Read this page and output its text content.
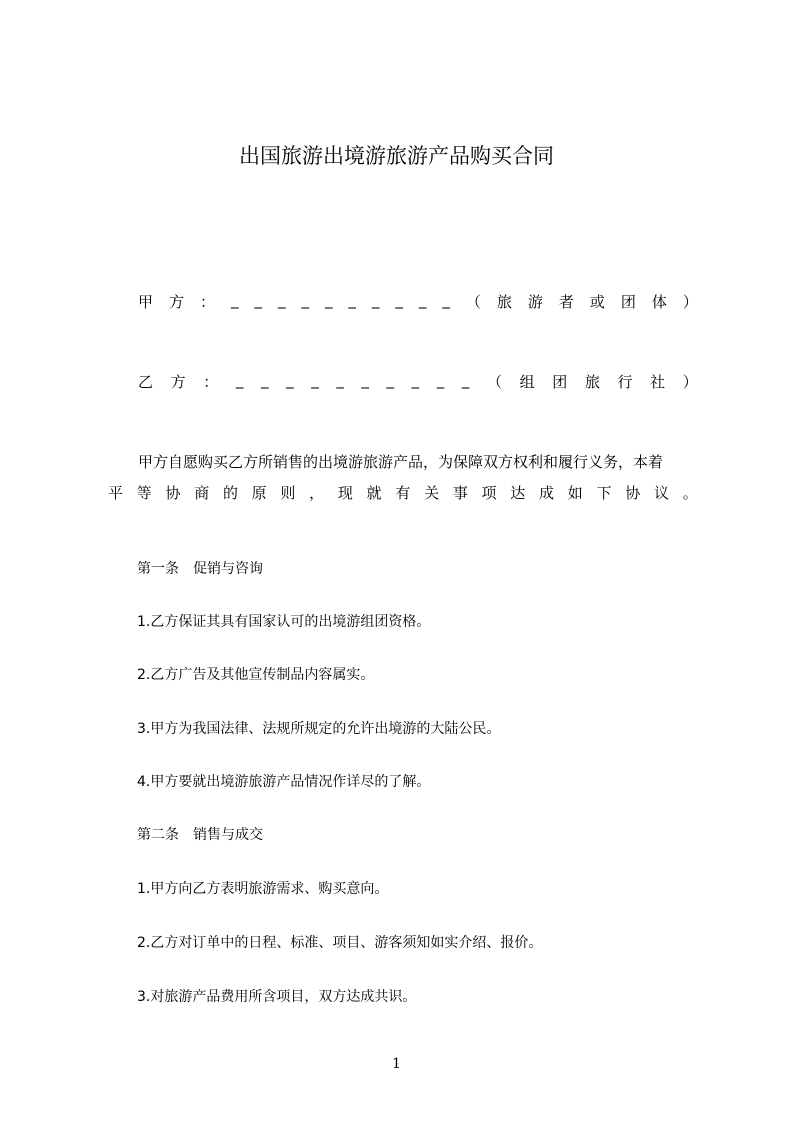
出国旅游出境游旅游产品购买合同
甲 方 ： _ _ _ _ _ _ _ _ _ _ （ 旅 游 者 或 团 体 ）
乙 方 ： _ _ _ _ _ _ _ _ _ _ （ 组 团 旅 行 社 ）
甲方自愿购买乙方所销售的出境游旅游产品，为保障双方权利和履行义务，本着
平 等 协 商 的 原 则 ， 现 就 有 关 事 项 达 成 如 下 协 议 。
第一条　促销与咨询
1.乙方保证其具有国家认可的出境游组团资格。
2.乙方广告及其他宣传制品内容属实。
3.甲方为我国法律、法规所规定的允许出境游的大陆公民。
4.甲方要就出境游旅游产品情况作详尽的了解。
第二条　销售与成交
1.甲方向乙方表明旅游需求、购买意向。
2.乙方对订单中的日程、标准、项目、游客须知如实介绍、报价。
3.对旅游产品费用所含项目，双方达成共识。
1
